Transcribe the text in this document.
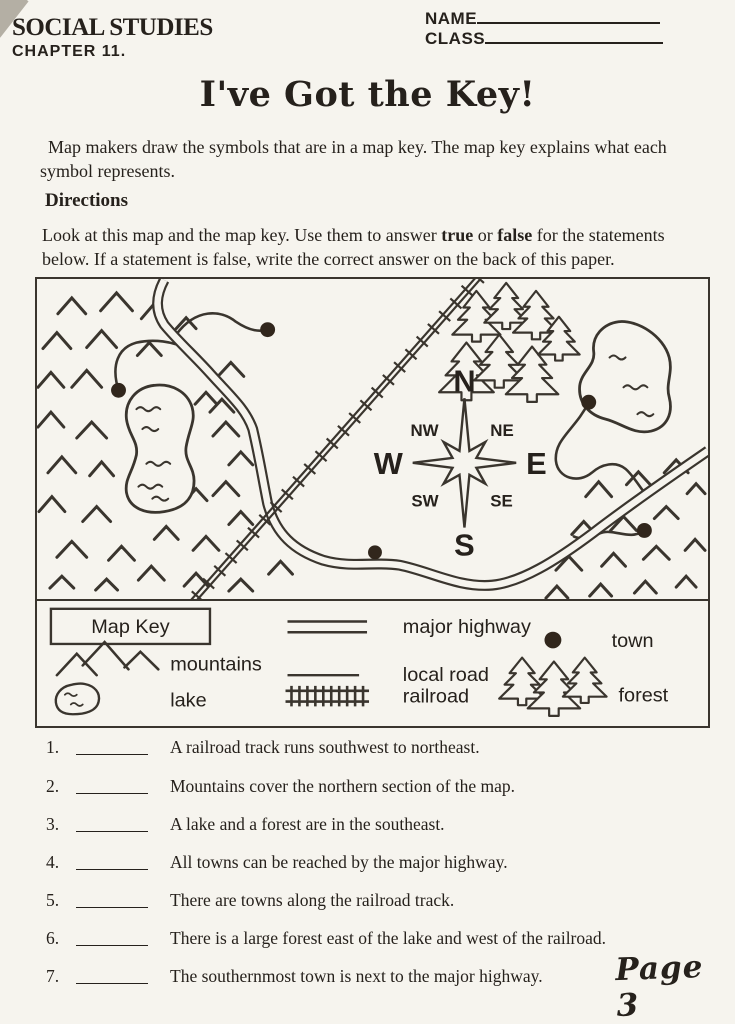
SOCIAL STUDIES
CHAPTER 11.
NAME
CLASS
I've Got the Key!
Map makers draw the symbols that are in a map key. The map key explains what each symbol represents.
Directions
Look at this map and the map key. Use them to answer true or false for the statements below. If a statement is false, write the correct answer on the back of this paper.
N
S
W	E
NW	NE
SW	SE
Map Key
mountains
lake
major highway
local road
railroad
town
forest
1.	A railroad track runs southwest to northeast.
2.	Mountains cover the northern section of the map.
3.	A lake and a forest are in the southeast.
4.	All towns can be reached by the major highway.
5.	There are towns along the railroad track.
6.	There is a large forest east of the lake and west of the railroad.
7.	The southernmost town is next to the major highway. Page 3
